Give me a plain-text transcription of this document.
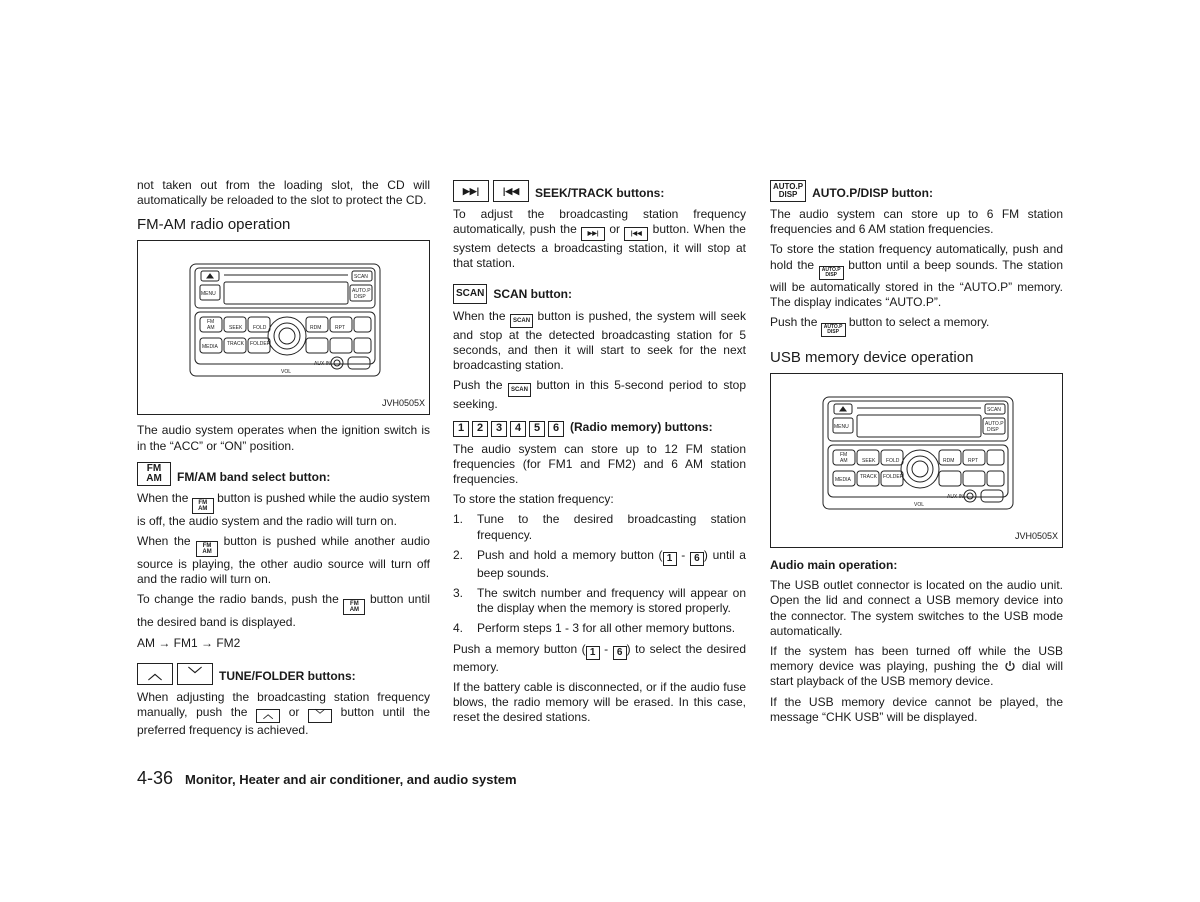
not taken out from the loading slot, the CD will automatically be reloaded to the slot to protect the CD.

FM-AM radio operation
SCAN
MENU	AUTO.P
DISP
FM
AM	SEEK FOLD	RDM	RPT
MEDIA TRACK FOLDER
VOL
AUX IN
JVH0505X

The audio system operates when the ignition switch is in the “ACC” or “ON” position.

FM
AM FM/AM band select button:

When the FM
AM
button is pushed while the audio system is off, the audio system and the radio will turn on.

When the FM
AM
button is pushed while another audio source is playing, the other audio source will turn off and the radio will turn on.

To change the radio bands, push the FM
AM
button until the desired band is displayed.

AM → FM1 → FM2

︿	﹀	TUNE/FOLDER buttons:

When adjusting the broadcasting station frequency manually, push the ︿ or ﹀ button until the preferred frequency is achieved.

▶▶|	|◀◀	SEEK/TRACK buttons:

To adjust the broadcasting station frequency automatically, push the ▶▶| or |◀◀ button. When the system detects a broadcasting station, it will stop at that station.

SCAN SCAN button:

When the SCAN button is pushed, the system will seek and stop at the detected broadcasting station for 5 seconds, and then it will start to seek for the next broadcasting station.

Push the SCAN button in this 5-second period to stop seeking.

1	2	3	4	5	6 (Radio memory) buttons:

The audio system can store up to 12 FM station frequencies (for FM1 and FM2) and 6 AM station frequencies.

To store the station frequency:

1. Tune to the desired broadcasting station frequency.
2. Push and hold a memory button ( 1 - 6 ) until a beep sounds.
3. The switch number and frequency will appear on the display when the memory is stored properly.
4. Perform steps 1 - 3 for all other memory buttons.

Push a memory button ( 1 - 6 ) to select the desired memory.

If the battery cable is disconnected, or if the audio fuse blows, the radio memory will be erased. In this case, reset the desired stations.

AUTO.P
DISP AUTO.P/DISP button:

The audio system can store up to 6 FM station frequencies and 6 AM station frequencies.

To store the station frequency automatically, push and hold the AUTO.P
DISP
button until a beep sounds. The station will be automatically stored in the “AUTO.P” memory. The display indicates “AUTO.P”.

Push the AUTO.P
DISP
button to select a memory.

USB memory device operation
SCAN
MENU	AUTO.P
DISP
FM
AM	SEEK FOLD	RDM	RPT
MEDIA TRACK FOLDER
VOL
AUX IN
JVH0505X
Audio main operation:

The USB outlet connector is located on the audio unit. Open the lid and connect a USB memory device into the connector. The system switches to the USB mode automatically.

If the system has been turned off while the USB memory device was playing, pushing the dial will start playback of the USB memory device.

If the USB memory device cannot be played, the message “CHK USB” will be displayed.

4-36 Monitor, Heater and air conditioner, and audio system
